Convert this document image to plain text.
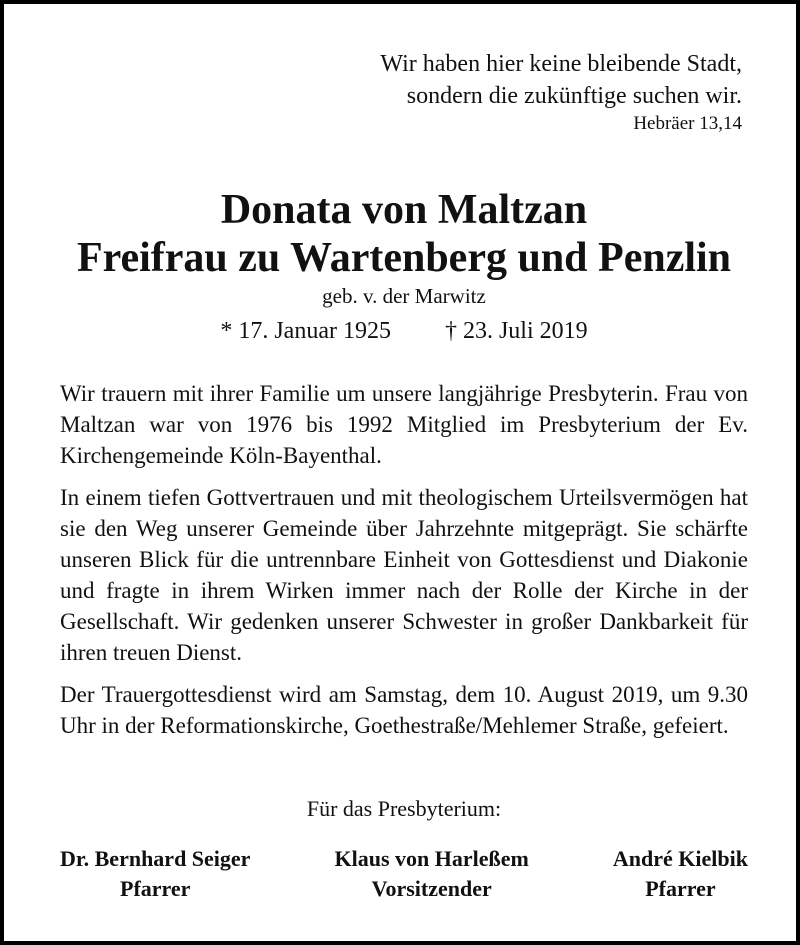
Wir haben hier keine bleibende Stadt,
sondern die zukünftige suchen wir.
Hebräer 13,14
Donata von Maltzan
Freifrau zu Wartenberg und Penzlin
geb. v. der Marwitz
* 17. Januar 1925 † 23. Juli 2019

Wir trauern mit ihrer Familie um unsere langjährige Presbyterin. Frau von Maltzan war von 1976 bis 1992 Mitglied im Presbyterium der Ev. Kirchengemeinde Köln-Bayenthal.

In einem tiefen Gottvertrauen und mit theologischem Urteilsvermögen hat sie den Weg unserer Gemeinde über Jahrzehnte mitgeprägt. Sie schärfte unseren Blick für die untrennbare Einheit von Gottesdienst und Diakonie und fragte in ihrem Wirken immer nach der Rolle der Kirche in der Gesellschaft. Wir gedenken unserer Schwester in großer Dankbarkeit für ihren treuen Dienst.

Der Trauergottesdienst wird am Samstag, dem 10. August 2019, um 9.30 Uhr in der Reformationskirche, Goethestraße/Mehlemer Straße, gefeiert.

Für das Presbyterium:
Dr. Bernhard Seiger
Pfarrer
Klaus von Harleßem
Vorsitzender
André Kielbik
Pfarrer
